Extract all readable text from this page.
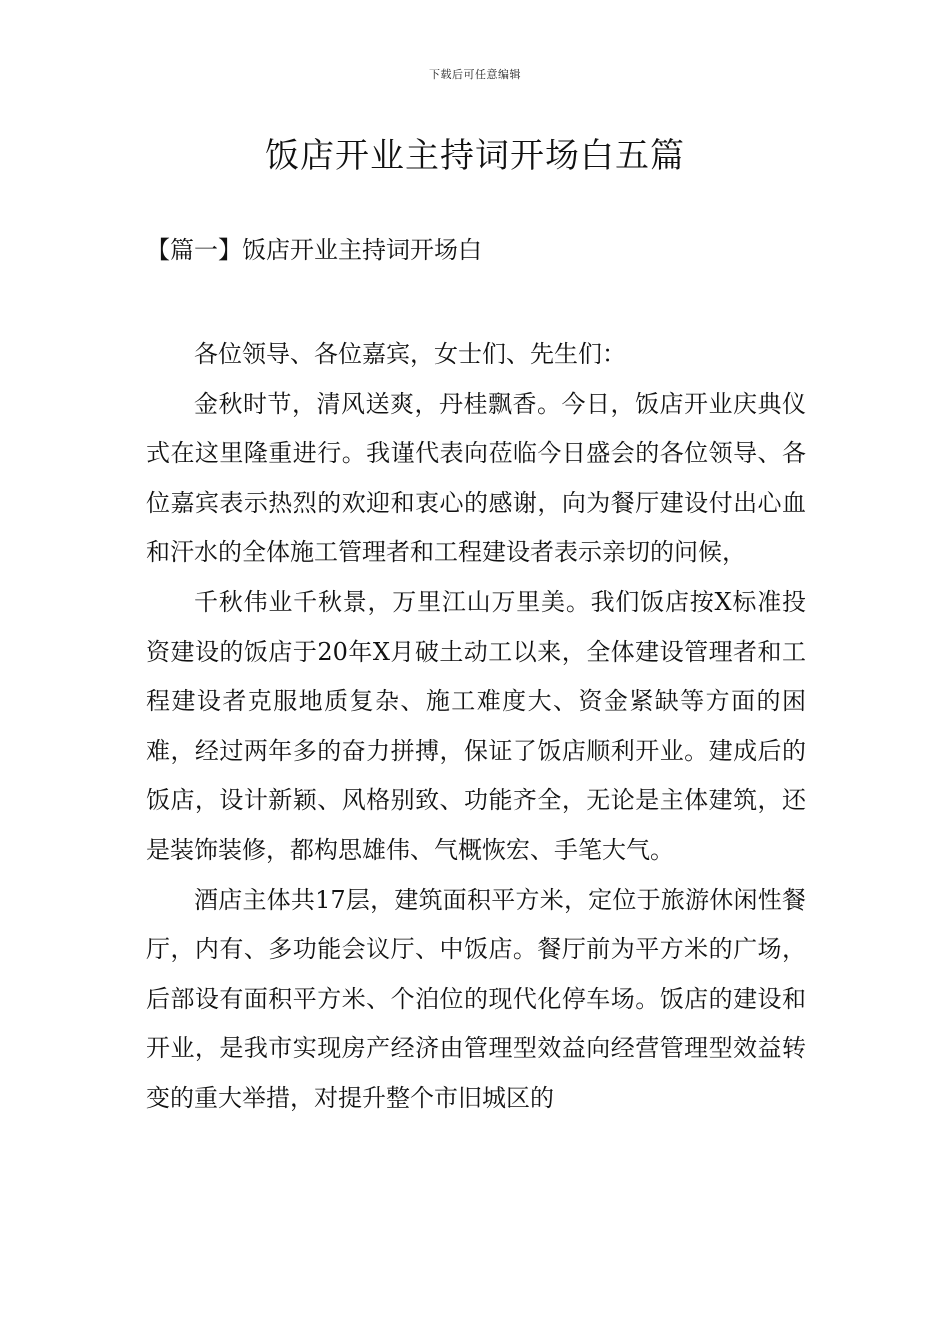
下载后可任意编辑
饭店开业主持词开场白五篇
【篇一】饭店开业主持词开场白

各位领导、各位嘉宾，女士们、先生们：

金秋时节，清风送爽，丹桂飘香。今日，饭店开业庆典仪式在这里隆重进行。我谨代表向莅临今日盛会的各位领导、各位嘉宾表示热烈的欢迎和衷心的感谢，向为餐厅建设付出心血和汗水的全体施工管理者和工程建设者表示亲切的问候，

千秋伟业千秋景，万里江山万里美。我们饭店按X标准投资建设的饭店于20年X月破土动工以来，全体建设管理者和工程建设者克服地质复杂、施工难度大、资金紧缺等方面的困难，经过两年多的奋力拼搏，保证了饭店顺利开业。建成后的饭店，设计新颖、风格别致、功能齐全，无论是主体建筑，还是装饰装修，都构思雄伟、气概恢宏、手笔大气。

酒店主体共17层，建筑面积平方米，定位于旅游休闲性餐厅，内有、多功能会议厅、中饭店。餐厅前为平方米的广场，后部设有面积平方米、个泊位的现代化停车场。饭店的建设和开业，是我市实现房产经济由管理型效益向经营管理型效益转变的重大举措，对提升整个市旧城区的
